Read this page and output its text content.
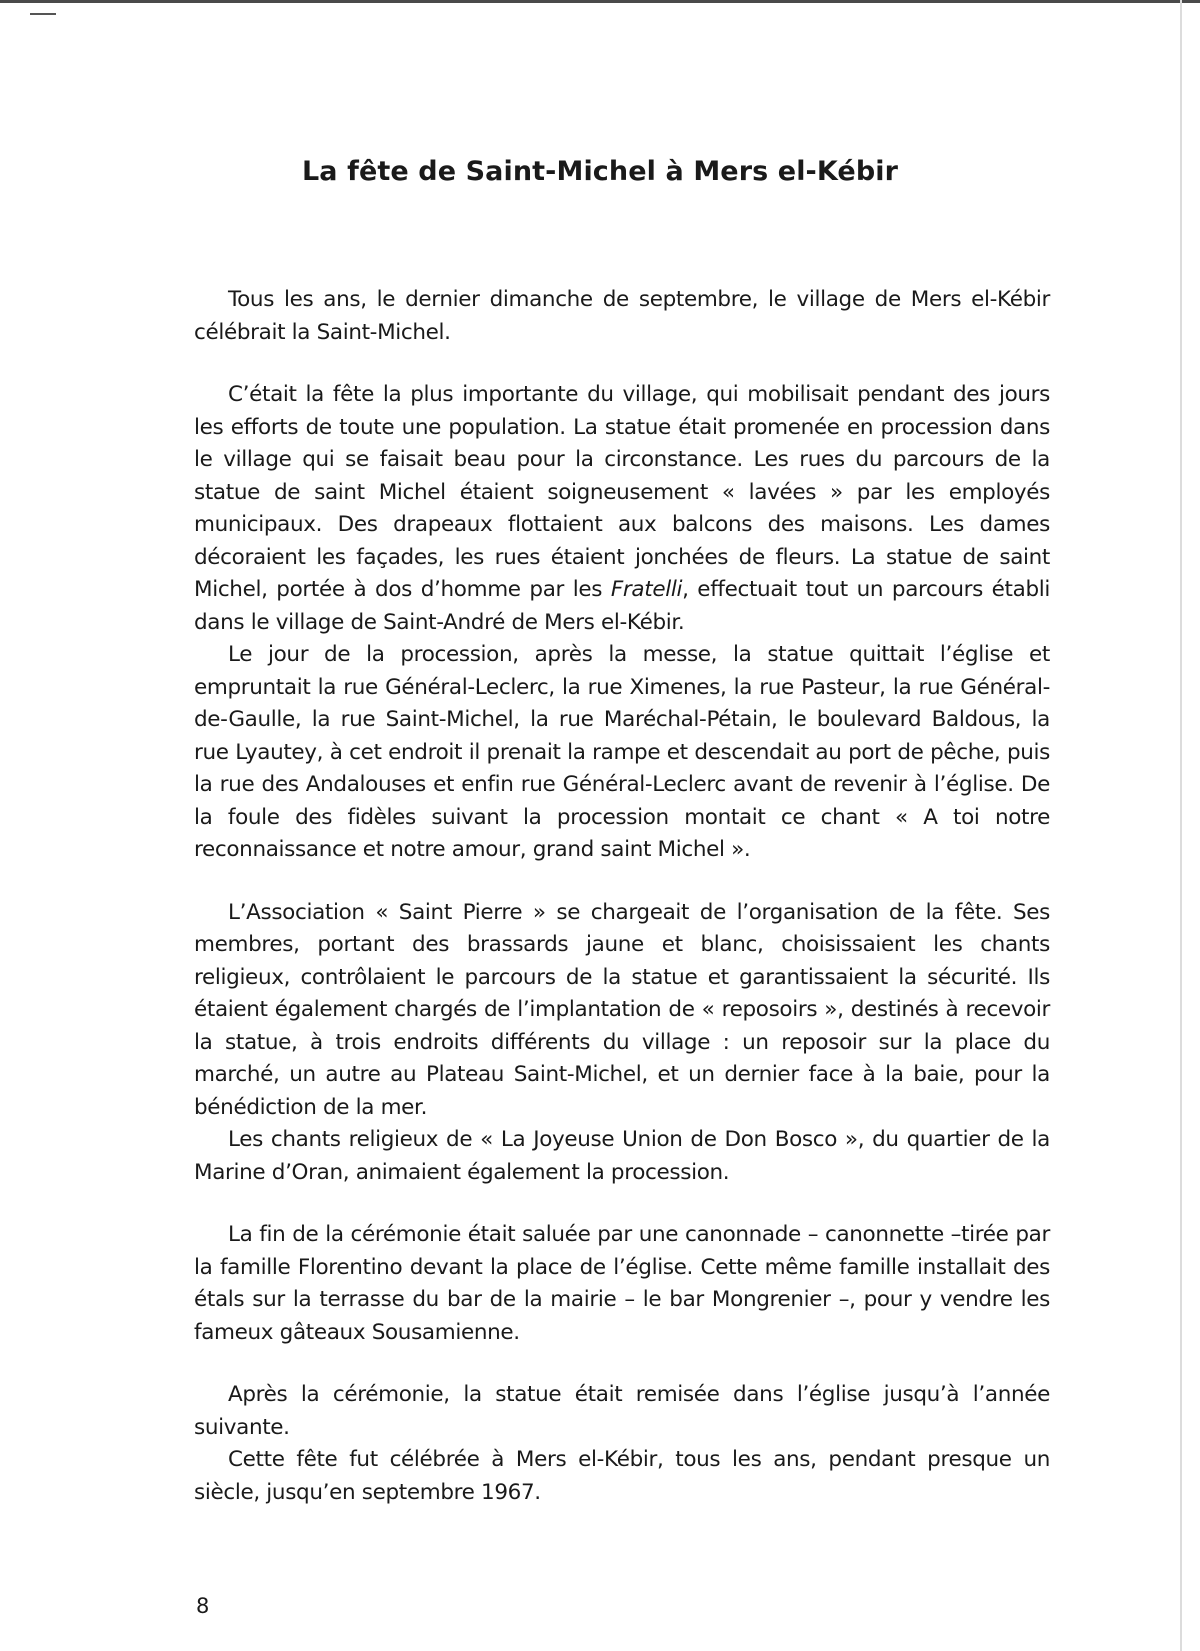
La fête de Saint-Michel à Mers el-Kébir

Tous les ans, le dernier dimanche de septembre, le village de Mers el-Kébir célébrait la Saint-Michel.

C’était la fête la plus importante du village, qui mobilisait pendant des jours les efforts de toute une population. La statue était promenée en procession dans le village qui se faisait beau pour la circonstance. Les rues du parcours de la statue de saint Michel étaient soigneusement « lavées » par les employés municipaux. Des drapeaux flottaient aux balcons des maisons. Les dames décoraient les façades, les rues étaient jonchées de fleurs. La statue de saint Michel, portée à dos d’homme par les Fratelli, effectuait tout un parcours établi dans le village de Saint-André de Mers el-Kébir.

Le jour de la procession, après la messe, la statue quittait l’église et empruntait la rue Général-Leclerc, la rue Ximenes, la rue Pasteur, la rue Général-de-Gaulle, la rue Saint-Michel, la rue Maréchal-Pétain, le boulevard Baldous, la rue Lyautey, à cet endroit il prenait la rampe et descendait au port de pêche, puis la rue des Andalouses et enfin rue Général-Leclerc avant de revenir à l’église. De la foule des fidèles suivant la procession montait ce chant « A toi notre reconnaissance et notre amour, grand saint Michel ».

L’Association « Saint Pierre » se chargeait de l’organisation de la fête. Ses membres, portant des brassards jaune et blanc, choisissaient les chants religieux, contrôlaient le parcours de la statue et garantissaient la sécurité. Ils étaient également chargés de l’implantation de « reposoirs », destinés à recevoir la statue, à trois endroits différents du village : un reposoir sur la place du marché, un autre au Plateau Saint-Michel, et un dernier face à la baie, pour la bénédiction de la mer.

Les chants religieux de « La Joyeuse Union de Don Bosco », du quartier de la Marine d’Oran, animaient également la procession.

La fin de la cérémonie était saluée par une canonnade – canonnette –tirée par la famille Florentino devant la place de l’église. Cette même famille installait des étals sur la terrasse du bar de la mairie – le bar Mongrenier –, pour y vendre les fameux gâteaux Sousamienne.

Après la cérémonie, la statue était remisée dans l’église jusqu’à l’année suivante.

Cette fête fut célébrée à Mers el-Kébir, tous les ans, pendant presque un siècle, jusqu’en septembre 1967.

8
